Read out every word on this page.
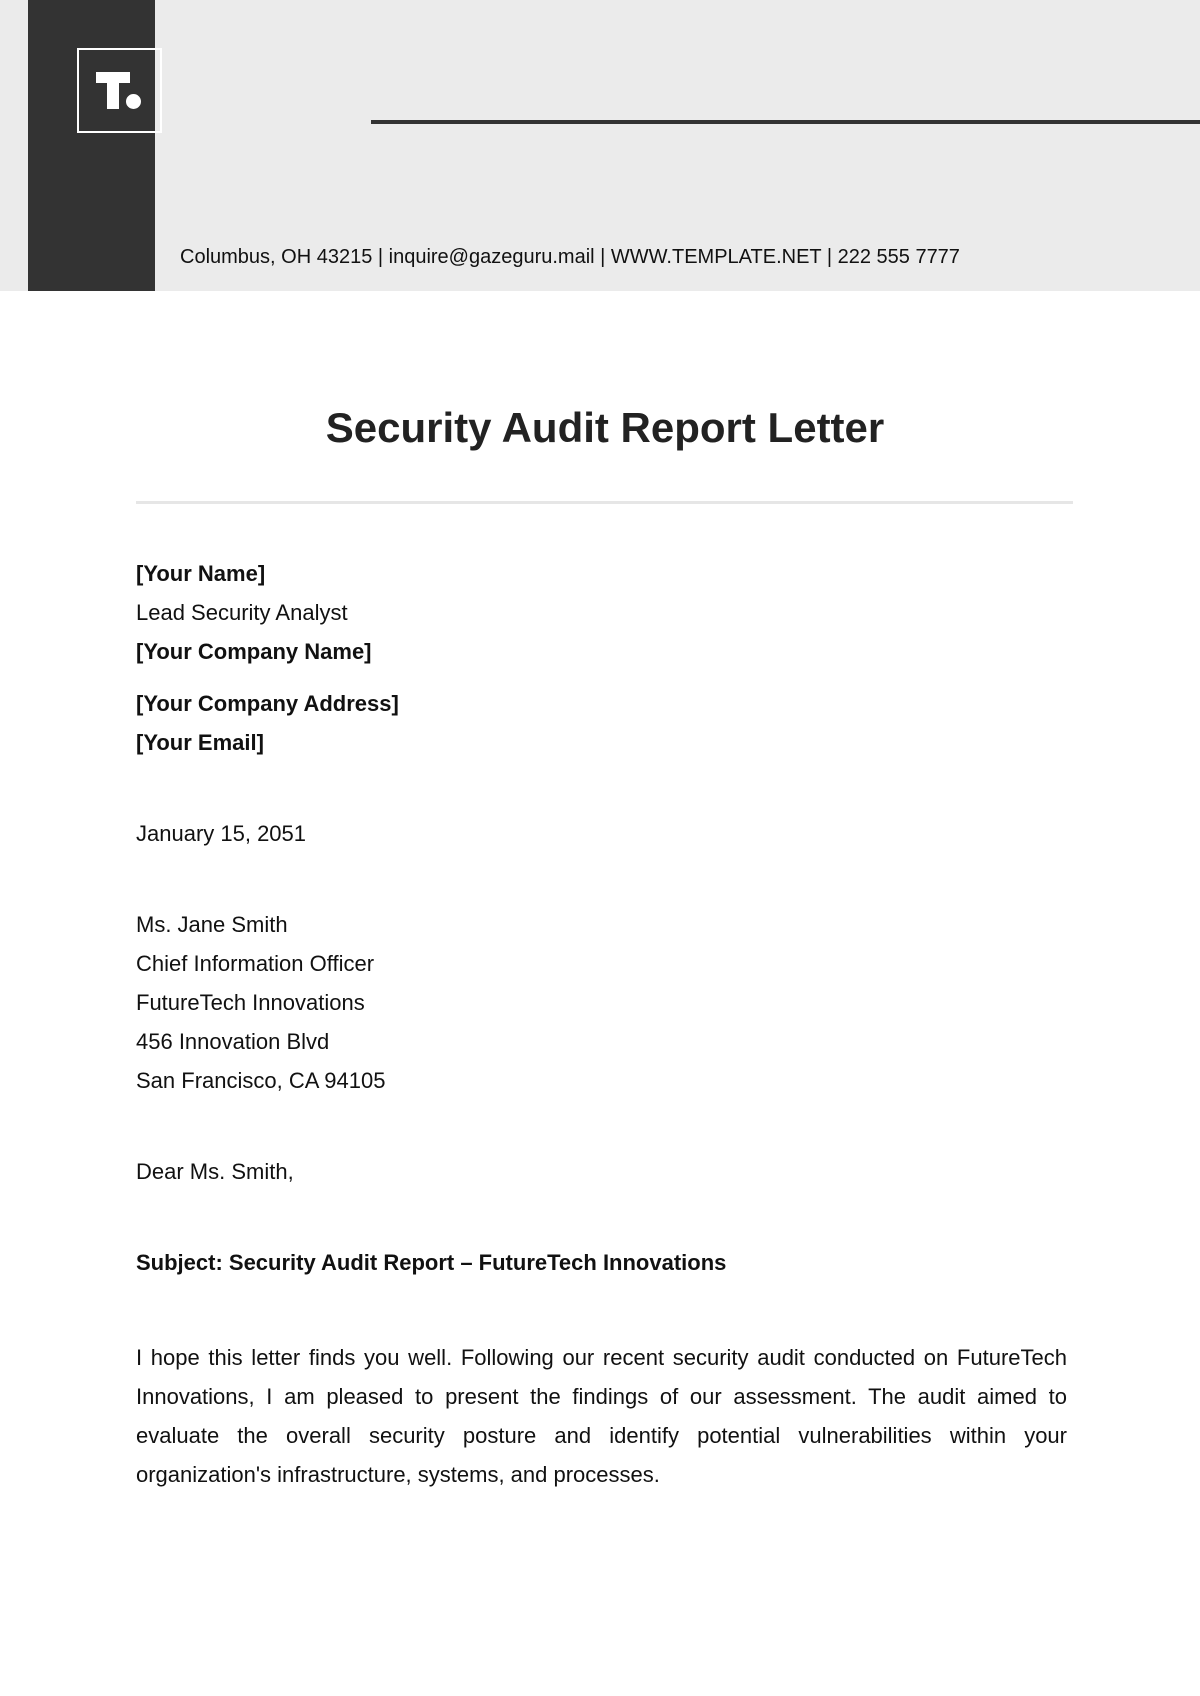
Columbus, OH 43215 | inquire@gazeguru.mail | WWW.TEMPLATE.NET | 222 555 7777
Security Audit Report Letter
[Your Name]
Lead Security Analyst
[Your Company Name]
[Your Company Address]
[Your Email]
January 15, 2051
Ms. Jane Smith
Chief Information Officer
FutureTech Innovations
456 Innovation Blvd
San Francisco, CA 94105
Dear Ms. Smith,
Subject: Security Audit Report – FutureTech Innovations
I hope this letter finds you well. Following our recent security audit conducted on FutureTech Innovations, I am pleased to present the findings of our assessment. The audit aimed to evaluate the overall security posture and identify potential vulnerabilities within your organization's infrastructure, systems, and processes.
